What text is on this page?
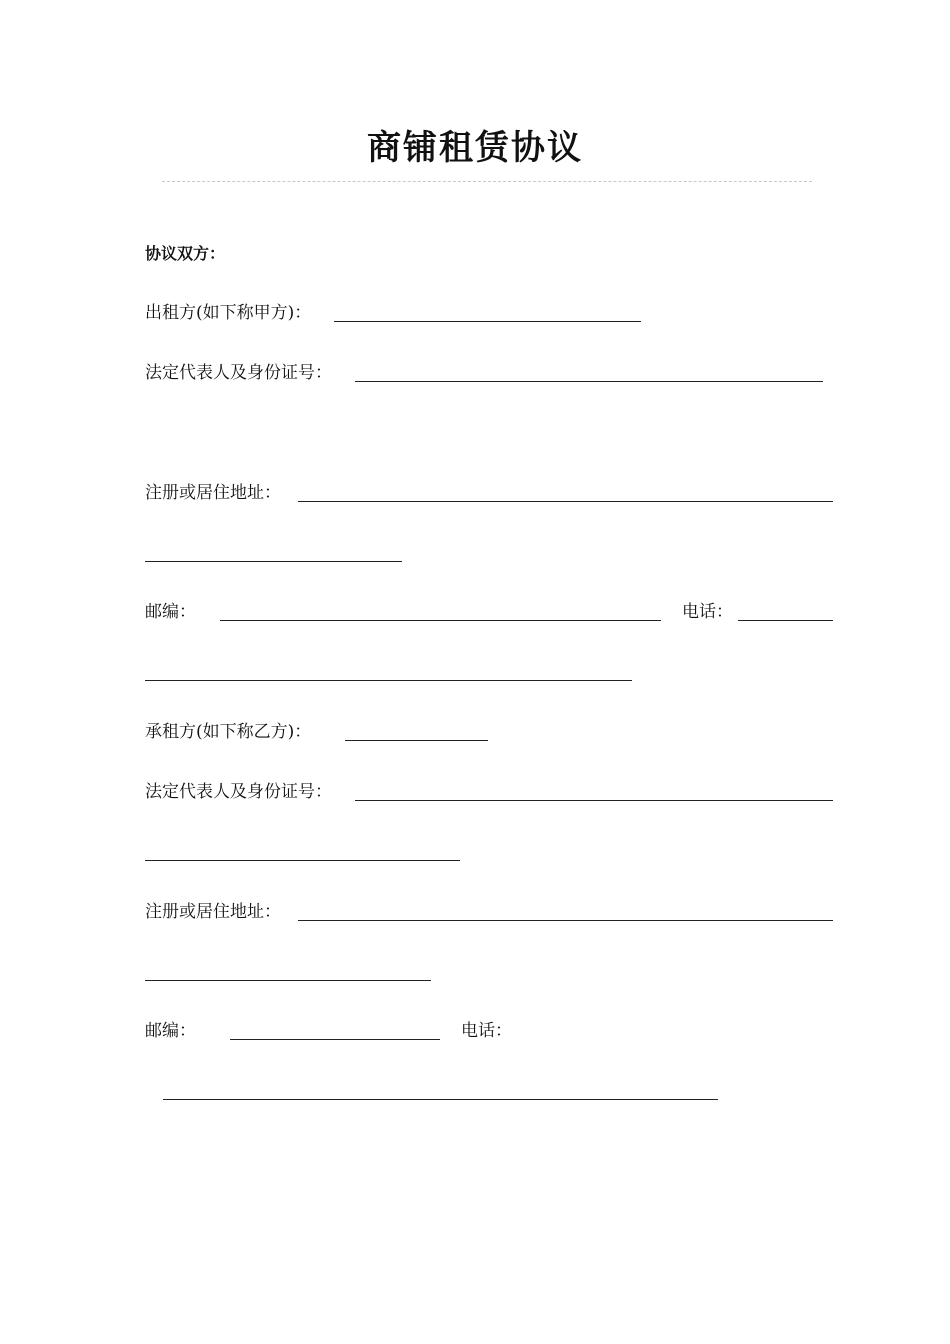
商铺租赁协议
协议双方：
出租方(如下称甲方)：
法定代表人及身份证号：
注册或居住地址：
邮编：	电话：
承租方(如下称乙方)：
法定代表人及身份证号：
注册或居住地址：
邮编：	电话：
